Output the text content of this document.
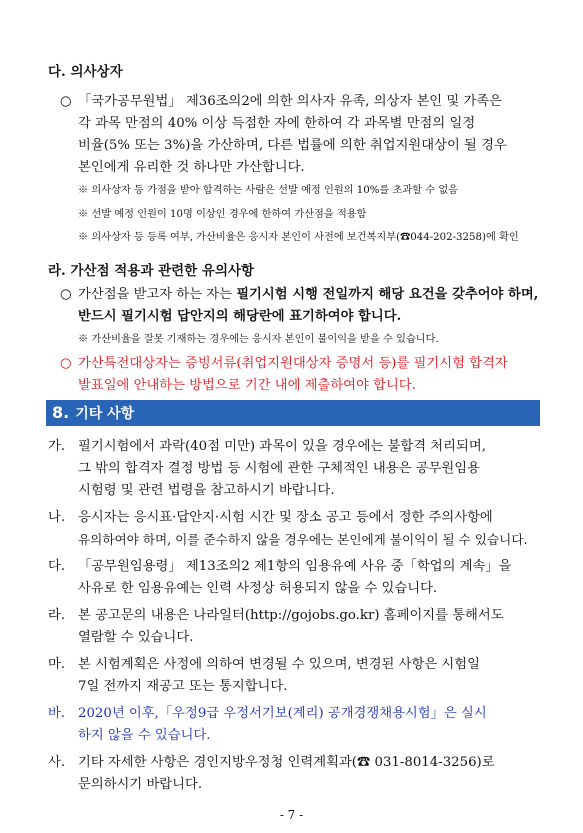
다. 의사상자
○ 「국가공무원법」 제36조의2에 의한 의사자 유족, 의상자 본인 및 가족은
각 과목 만점의 40% 이상 득점한 자에 한하여 각 과목별 만점의 일정
비율(5% 또는 3%)을 가산하며, 다른 법률에 의한 취업지원대상이 될 경우
본인에게 유리한 것 하나만 가산합니다.
※ 의사상자 등 가점을 받아 합격하는 사람은 선발 예정 인원의 10%를 초과할 수 없음
※ 선발 예정 인원이 10명 이상인 경우에 한하여 가산점을 적용함
※ 의사상자 등 등록 여부, 가산비율은 응시자 본인이 사전에 보건복지부(☎044-202-3258)에 확인
라. 가산점 적용과 관련한 유의사항
○ 가산점을 받고자 하는 자는 필기시험 시행 전일까지 해당 요건을 갖추어야 하며,
반드시 필기시험 답안지의 해당란에 표기하여야 합니다.
※ 가산비율을 잘못 기재하는 경우에는 응시자 본인이 불이익을 받을 수 있습니다.
○ 가산특전대상자는 증빙서류(취업지원대상자 증명서 등)를 필기시험 합격자
발표일에 안내하는 방법으로 기간 내에 제출하여야 합니다.
8. 기타 사항
가. 필기시험에서 과락(40점 미만) 과목이 있을 경우에는 불합격 처리되며,
그 밖의 합격자 결정 방법 등 시험에 관한 구체적인 내용은 공무원임용
시험령 및 관련 법령을 참고하시기 바랍니다.
나. 응시자는 응시표·답안지·시험 시간 및 장소 공고 등에서 정한 주의사항에
유의하여야 하며, 이를 준수하지 않을 경우에는 본인에게 불이익이 될 수 있습니다.
다. 「공무원임용령」 제13조의2 제1항의 임용유예 사유 중「학업의 계속」을
사유로 한 임용유예는 인력 사정상 허용되지 않을 수 있습니다.
라. 본 공고문의 내용은 나라일터(http://gojobs.go.kr) 홈페이지를 통해서도
열람할 수 있습니다.
마. 본 시험계획은 사정에 의하여 변경될 수 있으며, 변경된 사항은 시험일
7일 전까지 재공고 또는 통지합니다.
바. 2020년 이후,「우정9급 우정서기보(계리) 공개경쟁채용시험」은 실시
하지 않을 수 있습니다.
사. 기타 자세한 사항은 경인지방우정청 인력계획과(☎ 031-8014-3256)로
문의하시기 바랍니다.
- 7 -
